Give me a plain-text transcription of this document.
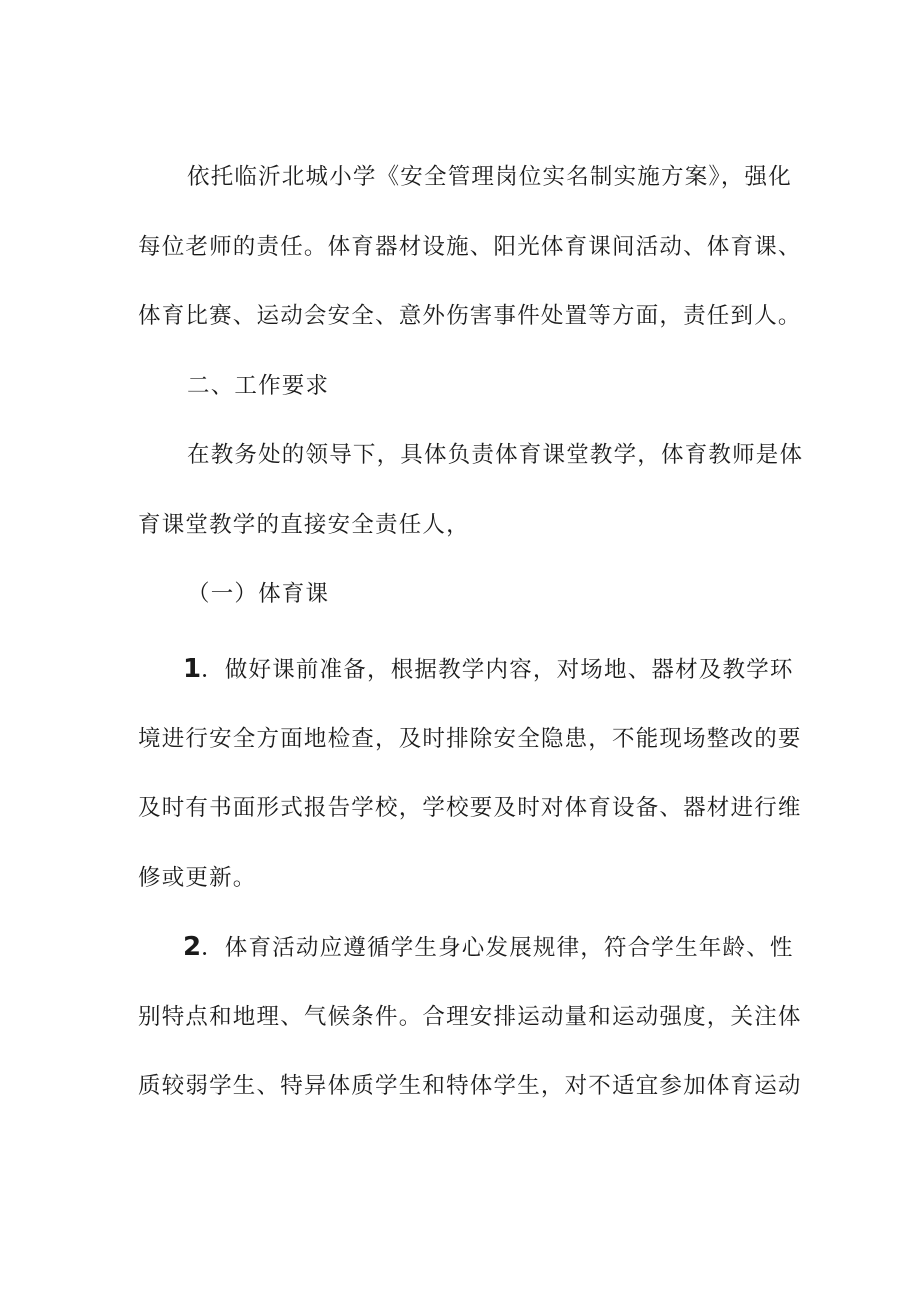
依托临沂北城小学《安全管理岗位实名制实施方案》，强化
每位老师的责任。体育器材设施、阳光体育课间活动、体育课、
体育比赛、运动会安全、意外伤害事件处置等方面，责任到人。
二、工作要求
在教务处的领导下，具体负责体育课堂教学，体育教师是体
育课堂教学的直接安全责任人，
（一）体育课
1．做好课前准备，根据教学内容，对场地、器材及教学环
境进行安全方面地检查，及时排除安全隐患，不能现场整改的要
及时有书面形式报告学校，学校要及时对体育设备、器材进行维
修或更新。
2．体育活动应遵循学生身心发展规律，符合学生年龄、性
别特点和地理、气候条件。合理安排运动量和运动强度，关注体
质较弱学生、特异体质学生和特体学生，对不适宜参加体育运动
